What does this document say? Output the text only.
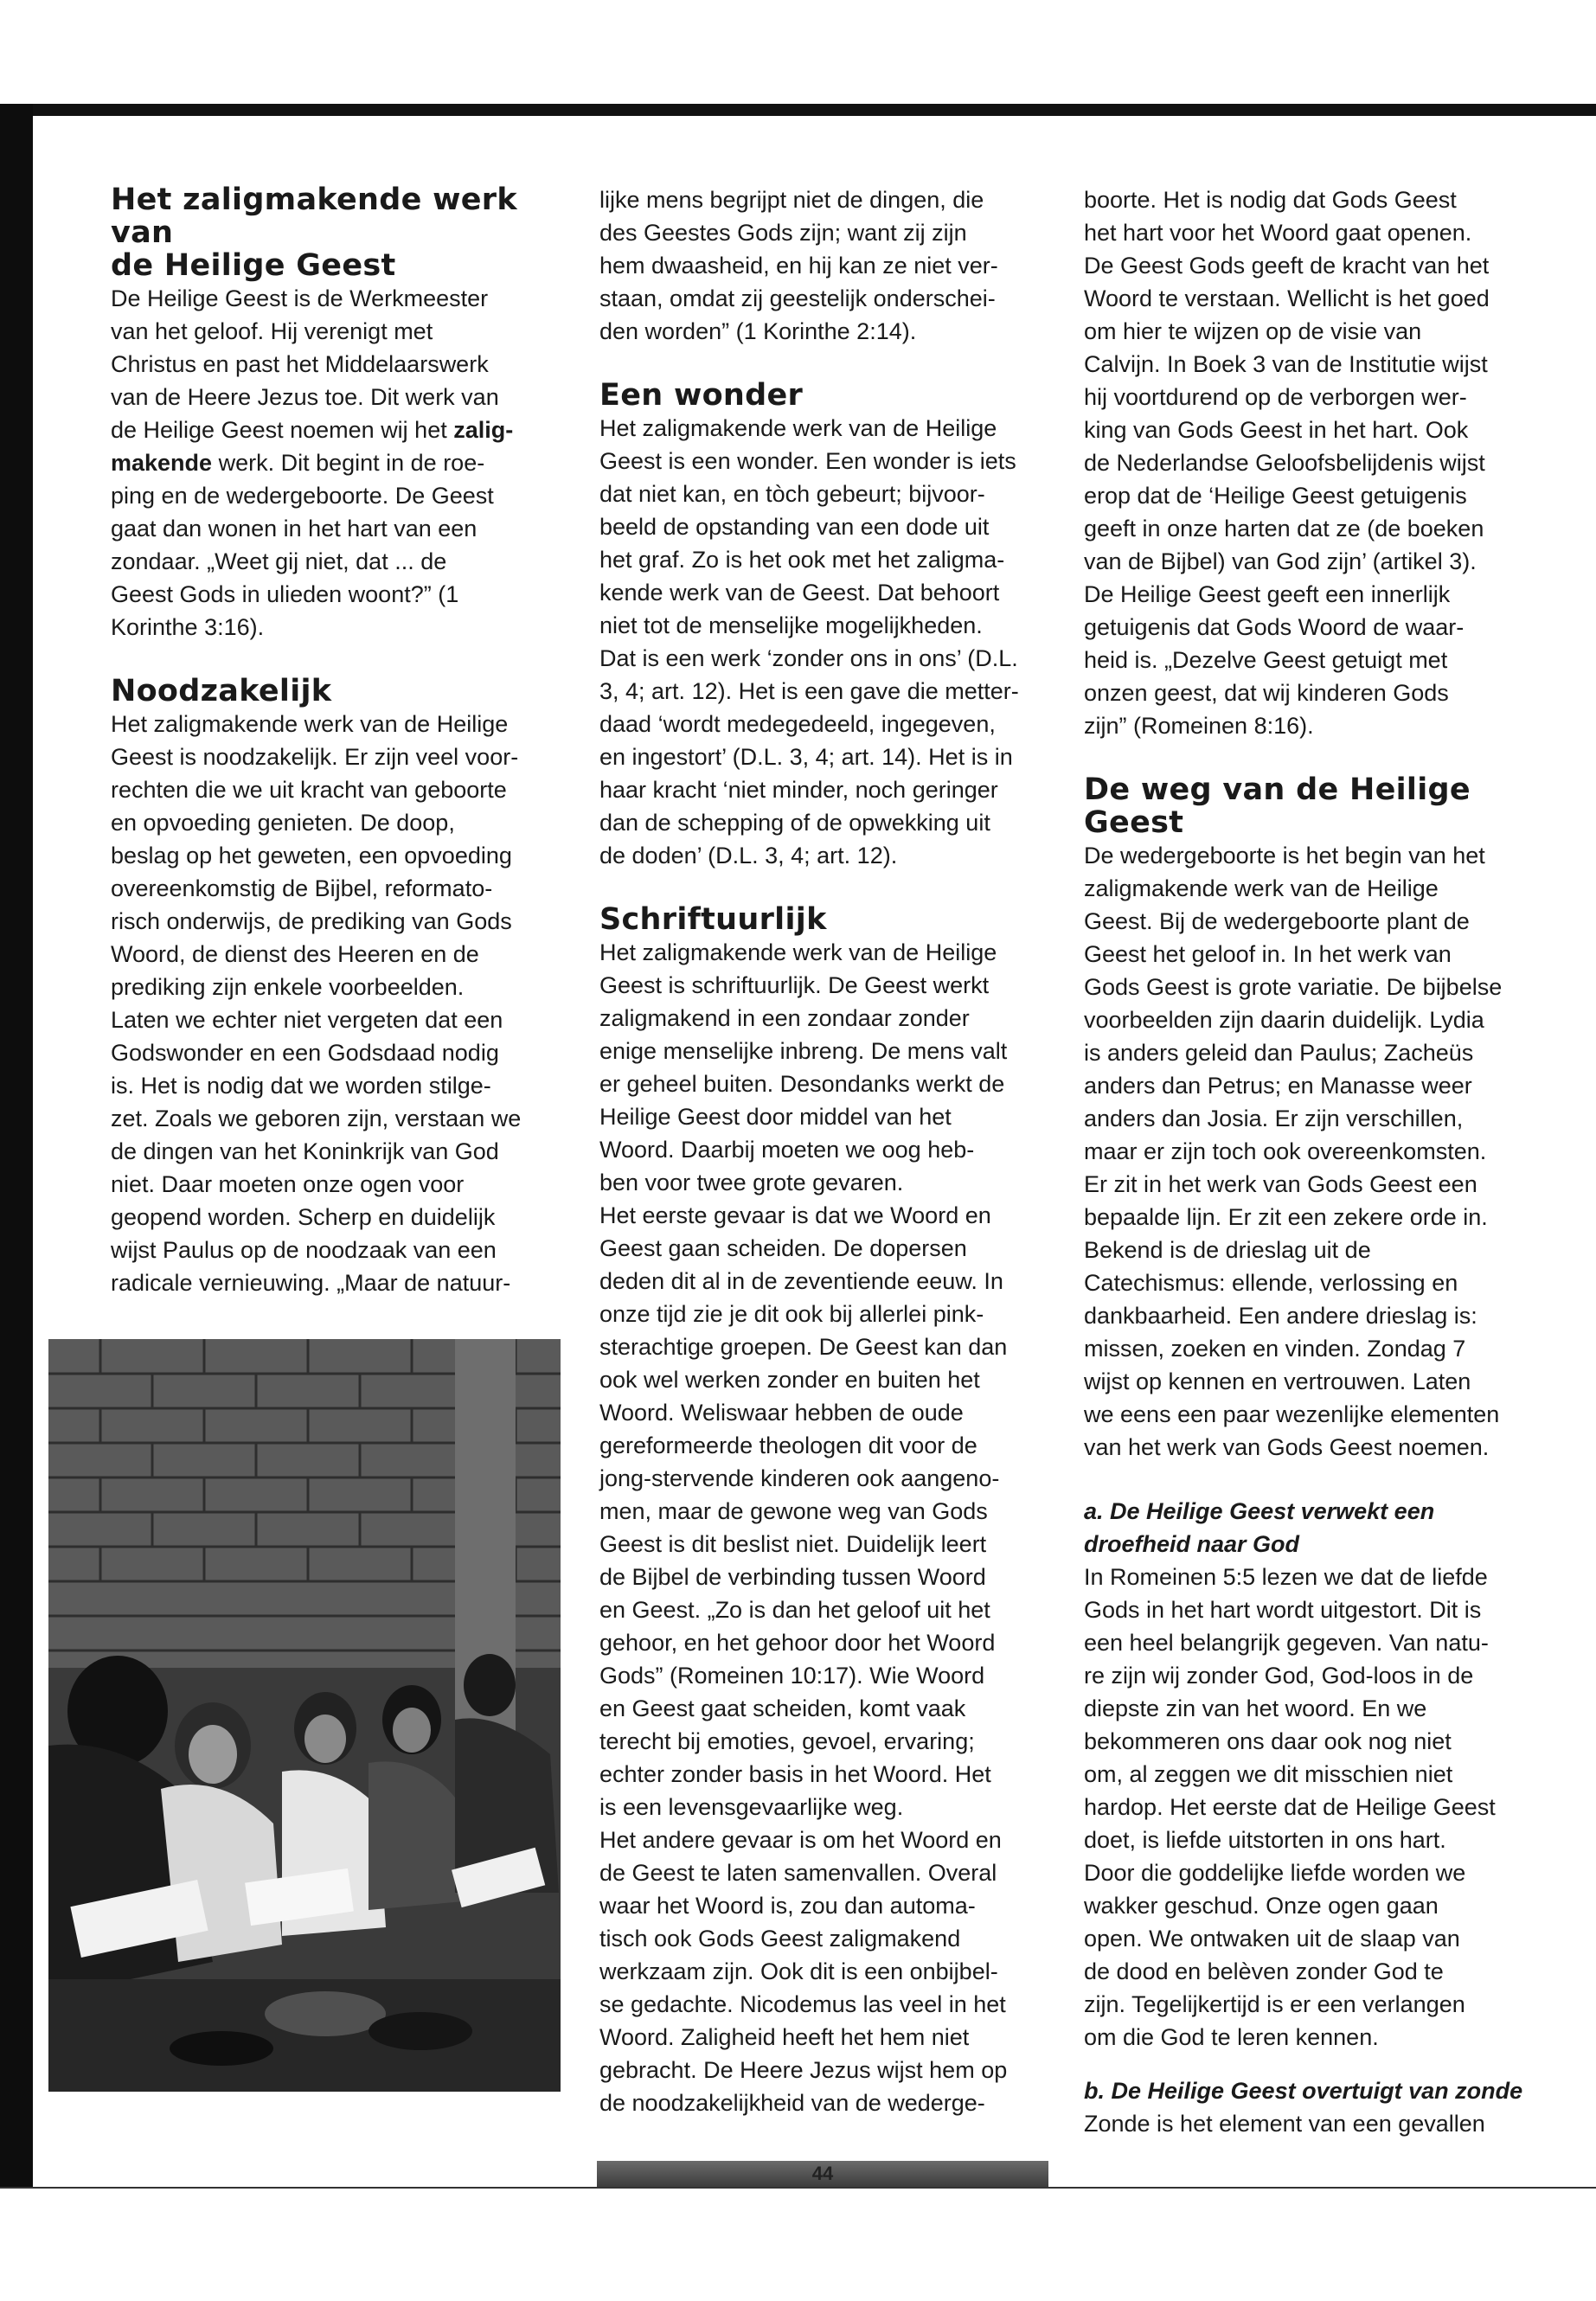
Het zaligmakende werk van
de Heilige Geest

De Heilige Geest is de Werkmeester
van het geloof. Hij verenigt met
Christus en past het Middelaarswerk
van de Heere Jezus toe. Dit werk van
de Heilige Geest noemen wij het zalig-
makende werk. Dit begint in de roe-
ping en de wedergeboorte. De Geest
gaat dan wonen in het hart van een
zondaar. „Weet gij niet, dat ... de
Geest Gods in ulieden woont?” (1
Korinthe 3:16).

Noodzakelijk

Het zaligmakende werk van de Heilige
Geest is noodzakelijk. Er zijn veel voor-
rechten die we uit kracht van geboorte
en opvoeding genieten. De doop,
beslag op het geweten, een opvoeding
overeenkomstig de Bijbel, reformato-
risch onderwijs, de prediking van Gods
Woord, de dienst des Heeren en de
prediking zijn enkele voorbeelden.
Laten we echter niet vergeten dat een
Godswonder en een Godsdaad nodig
is. Het is nodig dat we worden stilge-
zet. Zoals we geboren zijn, verstaan we
de dingen van het Koninkrijk van God
niet. Daar moeten onze ogen voor
geopend worden. Scherp en duidelijk
wijst Paulus op de noodzaak van een
radicale vernieuwing. „Maar de natuur-

lijke mens begrijpt niet de dingen, die
des Geestes Gods zijn; want zij zijn
hem dwaasheid, en hij kan ze niet ver-
staan, omdat zij geestelijk onderschei-
den worden” (1 Korinthe 2:14).

Een wonder

Het zaligmakende werk van de Heilige
Geest is een wonder. Een wonder is iets
dat niet kan, en tòch gebeurt; bijvoor-
beeld de opstanding van een dode uit
het graf. Zo is het ook met het zaligma-
kende werk van de Geest. Dat behoort
niet tot de menselijke mogelijkheden.
Dat is een werk ‘zonder ons in ons’ (D.L.
3, 4; art. 12). Het is een gave die metter-
daad ‘wordt medegedeeld, ingegeven,
en ingestort’ (D.L. 3, 4; art. 14). Het is in
haar kracht ‘niet minder, noch geringer
dan de schepping of de opwekking uit
de doden’ (D.L. 3, 4; art. 12).

Schriftuurlijk

Het zaligmakende werk van de Heilige
Geest is schriftuurlijk. De Geest werkt
zaligmakend in een zondaar zonder
enige menselijke inbreng. De mens valt
er geheel buiten. Desondanks werkt de
Heilige Geest door middel van het
Woord. Daarbij moeten we oog heb-
ben voor twee grote gevaren.
Het eerste gevaar is dat we Woord en
Geest gaan scheiden. De dopersen
deden dit al in de zeventiende eeuw. In
onze tijd zie je dit ook bij allerlei pink-
sterachtige groepen. De Geest kan dan
ook wel werken zonder en buiten het
Woord. Weliswaar hebben de oude
gereformeerde theologen dit voor de
jong-stervende kinderen ook aangeno-
men, maar de gewone weg van Gods
Geest is dit beslist niet. Duidelijk leert
de Bijbel de verbinding tussen Woord
en Geest. „Zo is dan het geloof uit het
gehoor, en het gehoor door het Woord
Gods” (Romeinen 10:17). Wie Woord
en Geest gaat scheiden, komt vaak
terecht bij emoties, gevoel, ervaring;
echter zonder basis in het Woord. Het
is een levensgevaarlijke weg.
Het andere gevaar is om het Woord en
de Geest te laten samenvallen. Overal
waar het Woord is, zou dan automa-
tisch ook Gods Geest zaligmakend
werkzaam zijn. Ook dit is een onbijbel-
se gedachte. Nicodemus las veel in het
Woord. Zaligheid heeft het hem niet
gebracht. De Heere Jezus wijst hem op
de noodzakelijkheid van de wederge-

boorte. Het is nodig dat Gods Geest
het hart voor het Woord gaat openen.
De Geest Gods geeft de kracht van het
Woord te verstaan. Wellicht is het goed
om hier te wijzen op de visie van
Calvijn. In Boek 3 van de Institutie wijst
hij voortdurend op de verborgen wer-
king van Gods Geest in het hart. Ook
de Nederlandse Geloofsbelijdenis wijst
erop dat de ‘Heilige Geest getuigenis
geeft in onze harten dat ze (de boeken
van de Bijbel) van God zijn’ (artikel 3).
De Heilige Geest geeft een innerlijk
getuigenis dat Gods Woord de waar-
heid is. „Dezelve Geest getuigt met
onzen geest, dat wij kinderen Gods
zijn” (Romeinen 8:16).

De weg van de Heilige Geest

De wedergeboorte is het begin van het
zaligmakende werk van de Heilige
Geest. Bij de wedergeboorte plant de
Geest het geloof in. In het werk van
Gods Geest is grote variatie. De bijbelse
voorbeelden zijn daarin duidelijk. Lydia
is anders geleid dan Paulus; Zacheüs
anders dan Petrus; en Manasse weer
anders dan Josia. Er zijn verschillen,
maar er zijn toch ook overeenkomsten.
Er zit in het werk van Gods Geest een
bepaalde lijn. Er zit een zekere orde in.
Bekend is de drieslag uit de
Catechismus: ellende, verlossing en
dankbaarheid. Een andere drieslag is:
missen, zoeken en vinden. Zondag 7
wijst op kennen en vertrouwen. Laten
we eens een paar wezenlijke elementen
van het werk van Gods Geest noemen.

a. De Heilige Geest verwekt een
droefheid naar God

In Romeinen 5:5 lezen we dat de liefde
Gods in het hart wordt uitgestort. Dit is
een heel belangrijk gegeven. Van natu-
re zijn wij zonder God, God-loos in de
diepste zin van het woord. En we
bekommeren ons daar ook nog niet
om, al zeggen we dit misschien niet
hardop. Het eerste dat de Heilige Geest
doet, is liefde uitstorten in ons hart.
Door die goddelijke liefde worden we
wakker geschud. Onze ogen gaan
open. We ontwaken uit de slaap van
de dood en belèven zonder God te
zijn. Tegelijkertijd is er een verlangen
om die God te leren kennen.

b. De Heilige Geest overtuigt van zonde

Zonde is het element van een gevallen

44
